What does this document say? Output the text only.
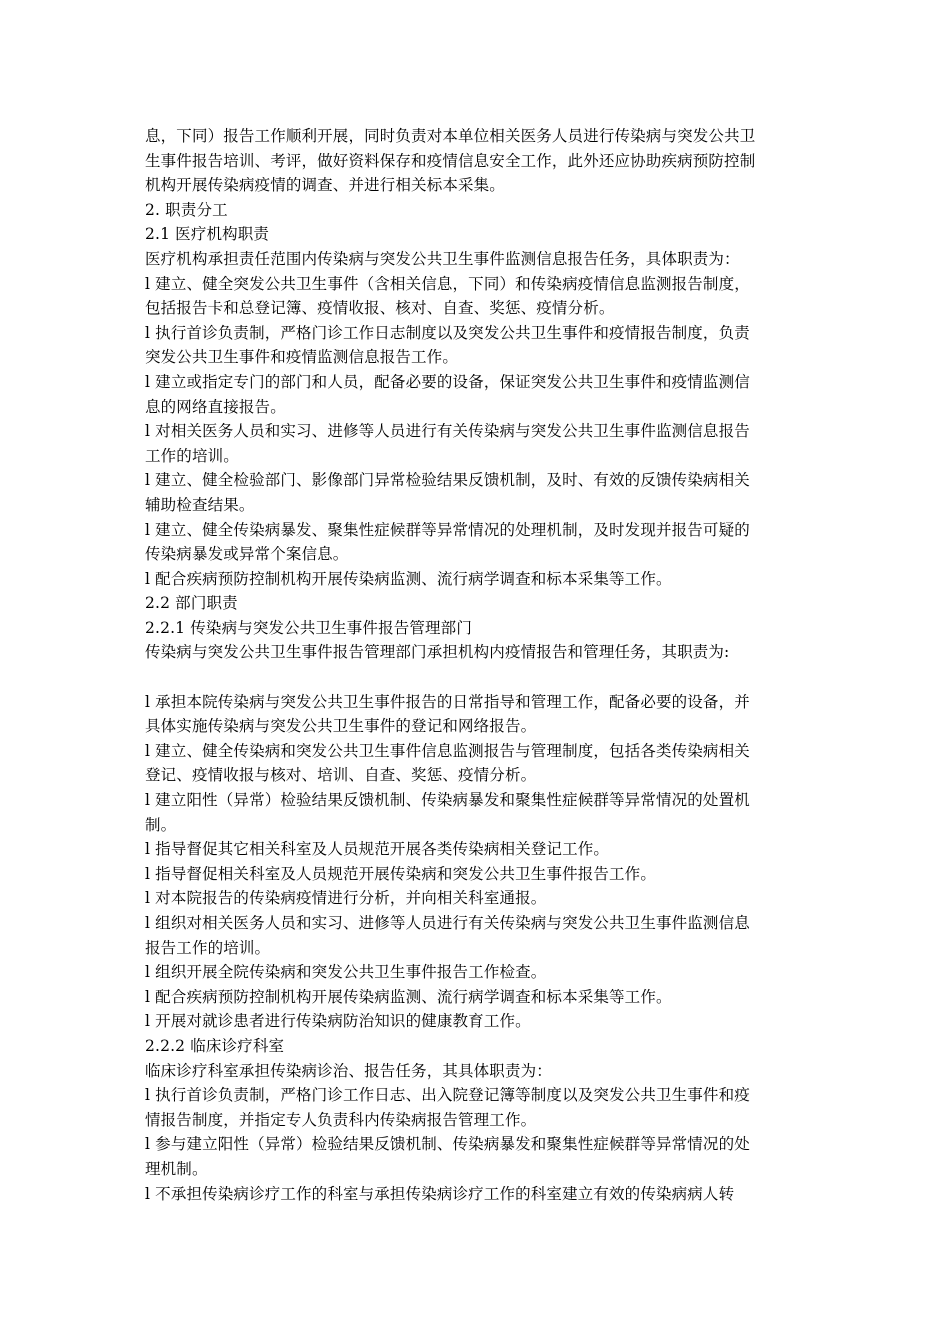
息，下同）报告工作顺利开展，同时负责对本单位相关医务人员进行传染病与突发公共卫
生事件报告培训、考评，做好资料保存和疫情信息安全工作，此外还应协助疾病预防控制
机构开展传染病疫情的调查、并进行相关标本采集。
2. 职责分工
2.1 医疗机构职责
医疗机构承担责任范围内传染病与突发公共卫生事件监测信息报告任务，具体职责为：
l 建立、健全突发公共卫生事件（含相关信息，下同）和传染病疫情信息监测报告制度，
包括报告卡和总登记簿、疫情收报、核对、自查、奖惩、疫情分析。
l 执行首诊负责制，严格门诊工作日志制度以及突发公共卫生事件和疫情报告制度，负责
突发公共卫生事件和疫情监测信息报告工作。
l 建立或指定专门的部门和人员，配备必要的设备，保证突发公共卫生事件和疫情监测信
息的网络直接报告。
l 对相关医务人员和实习、进修等人员进行有关传染病与突发公共卫生事件监测信息报告
工作的培训。
l 建立、健全检验部门、影像部门异常检验结果反馈机制，及时、有效的反馈传染病相关
辅助检查结果。
l 建立、健全传染病暴发、聚集性症候群等异常情况的处理机制，及时发现并报告可疑的
传染病暴发或异常个案信息。
l 配合疾病预防控制机构开展传染病监测、流行病学调查和标本采集等工作。
2.2 部门职责
2.2.1 传染病与突发公共卫生事件报告管理部门
传染病与突发公共卫生事件报告管理部门承担机构内疫情报告和管理任务，其职责为:
l 承担本院传染病与突发公共卫生事件报告的日常指导和管理工作，配备必要的设备，并
具体实施传染病与突发公共卫生事件的登记和网络报告。
l 建立、健全传染病和突发公共卫生事件信息监测报告与管理制度，包括各类传染病相关
登记、疫情收报与核对、培训、自查、奖惩、疫情分析。
l 建立阳性（异常）检验结果反馈机制、传染病暴发和聚集性症候群等异常情况的处置机
制。
l 指导督促其它相关科室及人员规范开展各类传染病相关登记工作。
l 指导督促相关科室及人员规范开展传染病和突发公共卫生事件报告工作。
l 对本院报告的传染病疫情进行分析，并向相关科室通报。
l 组织对相关医务人员和实习、进修等人员进行有关传染病与突发公共卫生事件监测信息
报告工作的培训。
l 组织开展全院传染病和突发公共卫生事件报告工作检查。
l 配合疾病预防控制机构开展传染病监测、流行病学调查和标本采集等工作。
l 开展对就诊患者进行传染病防治知识的健康教育工作。
2.2.2 临床诊疗科室
临床诊疗科室承担传染病诊治、报告任务，其具体职责为：
l 执行首诊负责制，严格门诊工作日志、出入院登记簿等制度以及突发公共卫生事件和疫
情报告制度，并指定专人负责科内传染病报告管理工作。
l 参与建立阳性（异常）检验结果反馈机制、传染病暴发和聚集性症候群等异常情况的处
理机制。
l 不承担传染病诊疗工作的科室与承担传染病诊疗工作的科室建立有效的传染病病人转
